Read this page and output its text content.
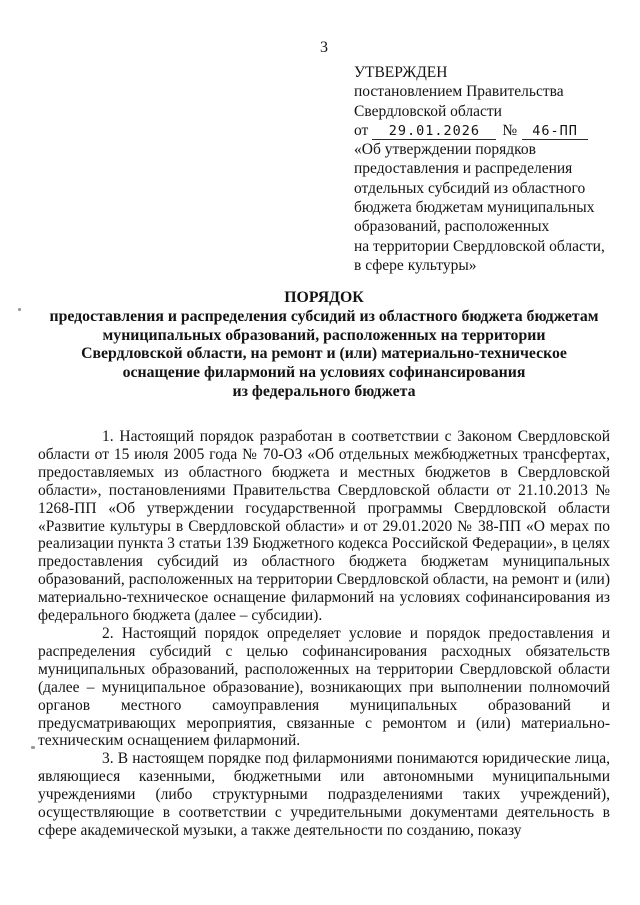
3
УТВЕРЖДЕН
постановлением Правительства
Свердловской области
от 29.01.2026 № 46-ПП
«Об утверждении порядков
предоставления и распределения
отдельных субсидий из областного
бюджета бюджетам муниципальных
образований, расположенных
на территории Свердловской области,
в сфере культуры»
ПОРЯДОК
предоставления и распределения субсидий из областного бюджета бюджетам
муниципальных образований, расположенных на территории
Свердловской области, на ремонт и (или) материально-техническое
оснащение филармоний на условиях софинансирования
из федерального бюджета

1. Настоящий порядок разработан в соответствии с Законом Свердловской области от 15 июля 2005 года № 70-ОЗ «Об отдельных межбюджетных трансфертах, предоставляемых из областного бюджета и местных бюджетов в Свердловской области», постановлениями Правительства Свердловской области от 21.10.2013 № 1268-ПП «Об утверждении государственной программы Свердловской области «Развитие культуры в Свердловской области» и от 29.01.2020 № 38-ПП «О мерах по реализации пункта 3 статьи 139 Бюджетного кодекса Российской Федерации», в целях предоставления субсидий из областного бюджета бюджетам муниципальных образований, расположенных на территории Свердловской области, на ремонт и (или) материально-техническое оснащение филармоний на условиях софинансирования из федерального бюджета (далее – субсидии).

2. Настоящий порядок определяет условие и порядок предоставления и распределения субсидий с целью софинансирования расходных обязательств муниципальных образований, расположенных на территории Свердловской области (далее – муниципальное образование), возникающих при выполнении полномочий органов местного самоуправления муниципальных образований и предусматривающих мероприятия, связанные с ремонтом и (или) материально-техническим оснащением филармоний.

3. В настоящем порядке под филармониями понимаются юридические лица, являющиеся казенными, бюджетными или автономными муниципальными учреждениями (либо структурными подразделениями таких учреждений), осуществляющие в соответствии с учредительными документами деятельность в сфере академической музыки, а также деятельности по созданию, показу
